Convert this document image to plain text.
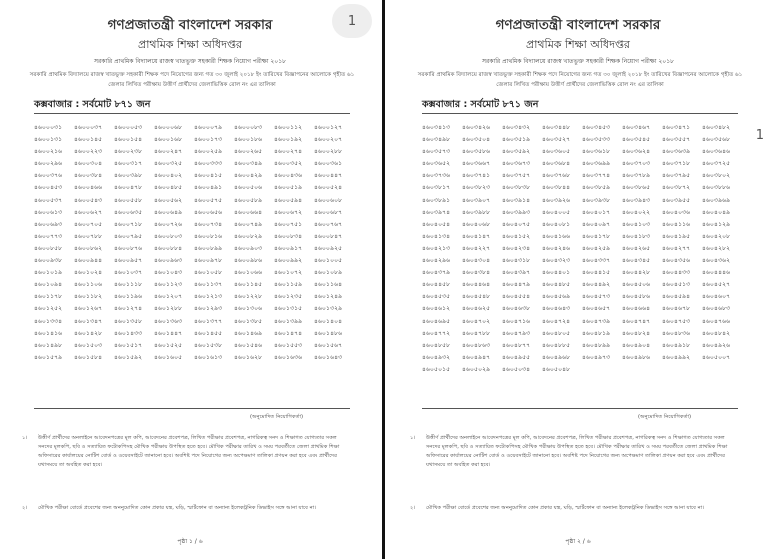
1
গণপ্রজাতন্ত্রী বাংলাদেশ সরকার
প্রাথমিক শিক্ষা অধিদপ্তর
সরকারি প্রাথমিক বিদ্যালয়ে রাজস্ব খাতভুক্ত সহকারী শিক্ষক নিয়োগ পরীক্ষা ২০১৮
সরকারি প্রাথমিক বিদ্যালয়ে রাজস্ব খাতভুক্ত সহকারী শিক্ষক পদে নিয়োগের জন্য গত ৩০ জুলাই ২০১৮ ইং তারিখের বিজ্ঞাপনের আলোকে গৃহীত ৬১ জেলার লিখিত পরীক্ষায় উত্তীর্ণ প্রার্থীদের জেলাভিত্তিক রোল নং এর তালিকা
কক্সবাজার : সর্বমোট ৮৭১ জন
৪৬০০০৩১	৪৬০০০৩৭	৪৬০০০৫৩	৪৬০০০৬৮	৪৬০০০৭৯	৪৬০০০৮৩	৪৬০০১১২	৪৬০০১২৭
৪৬০০১৩১	৪৬০০১৪৫	৪৬০০১৫৪	৪৬০০১৬৮	৪৬০০১৭৩	৪৬০০১৮৬	৪৬০০১৯২	৪৬০০২০৭
৪৬০০২১৬	৪৬০০২২৩	৪৬০০২৩৮	৪৬০০২৪৭	৪৬০০২৫৯	৪৬০০২৬৫	৪৬০০২৭৪	৪৬০০২৮৮
৪৬০০২৯৬	৪৬০০৩০৪	৪৬০০৩১৭	৪৬০০৩২৫	৪৬০০৩৩৩	৪৬০০৩৪৯	৪৬০০৩৫২	৪৬০০৩৬১
৪৬০০৩৭৬	৪৬০০৩৮৪	৪৬০০৩৯৮	৪৬০০৪০২	৪৬০০৪১৫	৪৬০০৪২৯	৪৬০০৪৩৬	৪৬০০৪৪৭
৪৬০০৪৫৩	৪৬০০৪৬৬	৪৬০০৪৭৮	৪৬০০৪৮৫	৪৬০০৪৯১	৪৬০০৫০৬	৪৬০০৫১৯	৪৬০০৫২৪
৪৬০০৫৩৭	৪৬০০৫৪৩	৪৬০০৫৫৮	৪৬০০৫৬২	৪৬০০৫৭৫	৪৬০০৫৮৯	৪৬০০৫৯৪	৪৬০০৬০৮
৪৬০০৬১৩	৪৬০০৬২৭	৪৬০০৬৩৫	৪৬০০৬৪৯	৪৬০০৬৫৬	৪৬০০৬৬৪	৪৬০০৬৭২	৪৬০০৬৮৭
৪৬০০৬৯৩	৪৬০০৭০৫	৪৬০০৭১৮	৪৬০০৭২৬	৪৬০০৭৩৪	৪৬০০৭৪৯	৪৬০০৭৫১	৪৬০০৭৬৭
৪৬০০৭৭৩	৪৬০০৭৮৮	৪৬০০৭৯৫	৪৬০০৮০৩	৪৬০০৮১৬	৪৬০০৮২৯	৪৬০০৮৩৪	৪৬০০৮৪৭
৪৬০০৮৫৮	৪৬০০৮৬২	৪৬০০৮৭৬	৪৬০০৮৮৪	৪৬০০৮৯৯	৪৬০০৯০৩	৪৬০০৯১৭	৪৬০০৯২৫
৪৬০০৯৩৮	৪৬০০৯৪৪	৪৬০০৯৫৭	৪৬০০৯৬৩	৪৬০০৯৭৮	৪৬০০৯৮৬	৪৬০০৯৯২	৪৬০১০০৫
৪৬০১০১৯	৪৬০১০২৪	৪৬০১০৩৭	৪৬০১০৪৩	৪৬০১০৫৮	৪৬০১০৬৬	৪৬০১০৭২	৪৬০১০৮৯
৪৬০১০৯৪	৪৬০১১০৬	৪৬০১১১৮	৪৬০১১২৩	৪৬০১১৩৭	৪৬০১১৪৫	৪৬০১১৫৯	৪৬০১১৬৪
৪৬০১১৭৮	৪৬০১১৮২	৪৬০১১৯৬	৪৬০১২০৭	৪৬০১২১৩	৪৬০১২২৮	৪৬০১২৩৫	৪৬০১২৪৯
৪৬০১২৫২	৪৬০১২৬৭	৪৬০১২৭৪	৪৬০১২৮৮	৪৬০১২৯৩	৪৬০১৩০৬	৪৬০১৩১৫	৪৬০১৩২৯
৪৬০১৩৩৪	৪৬০১৩৪৭	৪৬০১৩৫৮	৪৬০১৩৬৩	৪৬০১৩৭৭	৪৬০১৩৮৫	৪৬০১৩৯৯	৪৬০১৪০৪
৪৬০১৪১৬	৪৬০১৪২৮	৪৬০১৪৩৩	৪৬০১৪৪৭	৪৬০১৪৫৫	৪৬০১৪৬৯	৪৬০১৪৭৪	৪৬০১৪৮৬
৪৬০১৪৯৮	৪৬০১৫০৩	৪৬০১৫১৭	৪৬০১৫২৫	৪৬০১৫৩৮	৪৬০১৫৪৬	৪৬০১৫৫৩	৪৬০১৫৬৭
৪৬০১৫৭৯	৪৬০১৫৮৪	৪৬০১৫৯২	৪৬০১৬০৫	৪৬০১৬১৩	৪৬০১৬২৮	৪৬০১৬৩৬	৪৬০১৬৪৩
(অনুমোদিত নিয়োগিকর্তা)
১। উত্তীর্ণ প্রার্থীদের অনলাইনে আবেদনপত্রের মূল কপি, আবেদনের প্রবেশপত্র, লিখিত পরীক্ষার প্রবেশপত্র, নাগরিকত্ব সনদ ও শিক্ষাগত যোগ্যতার সকল সনদের মূলকপি, ছবি ও সত্যায়িত ফটোকপিসহ মৌখিক পরীক্ষায় উপস্থিত হতে হবে। মৌখিক পরীক্ষার তারিখ ও সময় পরবর্তীতে জেলা প্রাথমিক শিক্ষা অফিসারের কার্যালয়ের নোটিশ বোর্ড ও ওয়েবসাইটে জানানো হবে। অবশিষ্ট পদে নিয়োগের জন্য অপেক্ষমাণ তালিকা প্রণয়ন করা হবে এবং প্রার্থীদের যথাসময়ে তা অবহিত করা হবে।
২। মৌখিক পরীক্ষা বোর্ডে প্রবেশের জন্য অননুমোদিত কোন প্রকার যন্ত্র, ঘড়ি, স্মার্টফোন বা অন্যান্য ইলেকট্রনিক ডিভাইস সঙ্গে আনা যাবে না।
পৃষ্ঠা ১ / ৬
1
গণপ্রজাতন্ত্রী বাংলাদেশ সরকার
প্রাথমিক শিক্ষা অধিদপ্তর
সরকারি প্রাথমিক বিদ্যালয়ে রাজস্ব খাতভুক্ত সহকারী শিক্ষক নিয়োগ পরীক্ষা ২০১৮
সরকারি প্রাথমিক বিদ্যালয়ে রাজস্ব খাতভুক্ত সহকারী শিক্ষক পদে নিয়োগের জন্য গত ৩০ জুলাই ২০১৮ ইং তারিখের বিজ্ঞাপনের আলোকে গৃহীত ৬১ জেলার লিখিত পরীক্ষায় উত্তীর্ণ প্রার্থীদের জেলাভিত্তিক রোল নং এর তালিকা
কক্সবাজার : সর্বমোট ৮৭১ জন
৪৬০৩৪১৩	৪৬০৩৪২৬	৪৬০৩৪৩২	৪৬০৩৪৪৮	৪৬০৩৪৫৩	৪৬০৩৪৬৭	৪৬০৩৪৭১	৪৬০৩৪৮২
৪৬০৩৪৯৮	৪৬০৩৫০৪	৪৬০৩৫১৯	৪৬০৩৫২৭	৪৬০৩৫৩৩	৪৬০৩৫৪৫	৪৬০৩৫৫৭	৪৬০৩৫৬৮
৪৬০৩৫৭৩	৪৬০৩৫৮৬	৪৬০৩৫৯২	৪৬০৩৬০৫	৪৬০৩৬১৮	৪৬০৩৬২৪	৪৬০৩৬৩৯	৪৬০৩৬৪৬
৪৬০৩৬৫২	৪৬০৩৬৬৭	৪৬০৩৬৭৩	৪৬০৩৬৮৪	৪৬০৩৬৯৯	৪৬০৩৭০৩	৪৬০৩৭১৮	৪৬০৩৭২৫
৪৬০৩৭৩৬	৪৬০৩৭৪১	৪৬০৩৭৫৭	৪৬০৩৭৬৮	৪৬০৩৭৭৪	৪৬০৩৭৮৯	৪৬০৩৭৯৫	৪৬০৩৮০২
৪৬০৩৮১৭	৪৬০৩৮২৩	৪৬০৩৮৩৮	৪৬০৩৮৪৪	৪৬০৩৮৫৯	৪৬০৩৮৬৫	৪৬০৩৮৭২	৪৬০৩৮৮৬
৪৬০৩৮৯১	৪৬০৩৯০৭	৪৬০৩৯১৪	৪৬০৩৯২৬	৪৬০৩৯৩৮	৪৬০৩৯৪৩	৪৬০৩৯৫৫	৪৬০৩৯৬৯
৪৬০৩৯৭৪	৪৬০৩৯৮৮	৪৬০৩৯৯৩	৪৬০৪০০৫	৪৬০৪০১৭	৪৬০৪০২২	৪৬০৪০৩৬	৪৬০৪০৪৯
৪৬০৪০৫৪	৪৬০৪০৬৮	৪৬০৪০৭৫	৪৬০৪০৮১	৪৬০৪০৯৭	৪৬০৪১০৩	৪৬০৪১১৬	৪৬০৪১২৯
৪৬০৪১৩৪	৪৬০৪১৪৭	৪৬০৪১৫২	৪৬০৪১৬৬	৪৬০৪১৭৮	৪৬০৪১৮৩	৪৬০৪১৯৫	৪৬০৪২০৮
৪৬০৪২১৩	৪৬০৪২২৭	৪৬০৪২৩৪	৪৬০৪২৪৬	৪৬০৪২৫৯	৪৬০৪২৬৫	৪৬০৪২৭৭	৪৬০৪২৮২
৪৬০৪২৯৬	৪৬০৪৩০৪	৪৬০৪৩১৮	৪৬০৪৩২৩	৪৬০৪৩৩৭	৪৬০৪৩৪৫	৪৬০৪৩৫৬	৪৬০৪৩৬২
৪৬০৪৩৭৯	৪৬০৪৩৮৪	৪৬০৪৩৯৭	৪৬০৪৪০১	৪৬০৪৪১৫	৪৬০৪৪২৮	৪৬০৪৪৩৩	৪৬০৪৪৪৬
৪৬০৪৪৫৮	৪৬০৪৪৬৪	৪৬০৪৪৭৯	৪৬০৪৪৮৫	৪৬০৪৪৯২	৪৬০৪৫০৬	৪৬০৪৫১৩	৪৬০৪৫২৭
৪৬০৪৫৩৫	৪৬০৪৫৪৮	৪৬০৪৫৫৪	৪৬০৪৫৬৯	৪৬০৪৫৭৩	৪৬০৪৫৮৬	৪৬০৪৫৯৪	৪৬০৪৬০৭
৪৬০৪৬১২	৪৬০৪৬২৫	৪৬০৪৬৩৮	৪৬০৪৬৪৩	৪৬০৪৬৫৭	৪৬০৪৬৬৪	৪৬০৪৬৭৮	৪৬০৪৬৮৩
৪৬০৪৬৯৫	৪৬০৪৭০২	৪৬০৪৭১৬	৪৬০৪৭২৪	৪৬০৪৭৩৯	৪৬০৪৭৪৭	৪৬০৪৭৫৩	৪৬০৪৭৬৬
৪৬০৪৭৭২	৪৬০৪৭৮৮	৪৬০৪৭৯৩	৪৬০৪৮০৫	৪৬০৪৮১৯	৪৬০৪৮২৪	৪৬০৪৮৩৬	৪৬০৪৮৪২
৪৬০৪৮৫৮	৪৬০৪৮৬৩	৪৬০৪৮৭৭	৪৬০৪৮৮৫	৪৬০৪৮৯৯	৪৬০৪৯০৪	৪৬০৪৯১৮	৪৬০৪৯২৬
৪৬০৪৯৩২	৪৬০৪৯৪৭	৪৬০৪৯৫৫	৪৬০৪৯৬৮	৪৬০৪৯৭৩	৪৬০৪৯৮৬	৪৬০৪৯৯২	৪৬০৫০০৭
৪৬০৫০১৫	৪৬০৫০২৯	৪৬০৫০৩৪	৪৬০৫০৪৮
(অনুমোদিত নিয়োগিকর্তা)
১। উত্তীর্ণ প্রার্থীদের অনলাইনে আবেদনপত্রের মূল কপি, আবেদনের প্রবেশপত্র, লিখিত পরীক্ষার প্রবেশপত্র, নাগরিকত্ব সনদ ও শিক্ষাগত যোগ্যতার সকল সনদের মূলকপি, ছবি ও সত্যায়িত ফটোকপিসহ মৌখিক পরীক্ষায় উপস্থিত হতে হবে। মৌখিক পরীক্ষার তারিখ ও সময় পরবর্তীতে জেলা প্রাথমিক শিক্ষা অফিসারের কার্যালয়ের নোটিশ বোর্ড ও ওয়েবসাইটে জানানো হবে। অবশিষ্ট পদে নিয়োগের জন্য অপেক্ষমাণ তালিকা প্রণয়ন করা হবে এবং প্রার্থীদের যথাসময়ে তা অবহিত করা হবে।
২। মৌখিক পরীক্ষা বোর্ডে প্রবেশের জন্য অননুমোদিত কোন প্রকার যন্ত্র, ঘড়ি, স্মার্টফোন বা অন্যান্য ইলেকট্রনিক ডিভাইস সঙ্গে আনা যাবে না।
পৃষ্ঠা ২ / ৬
